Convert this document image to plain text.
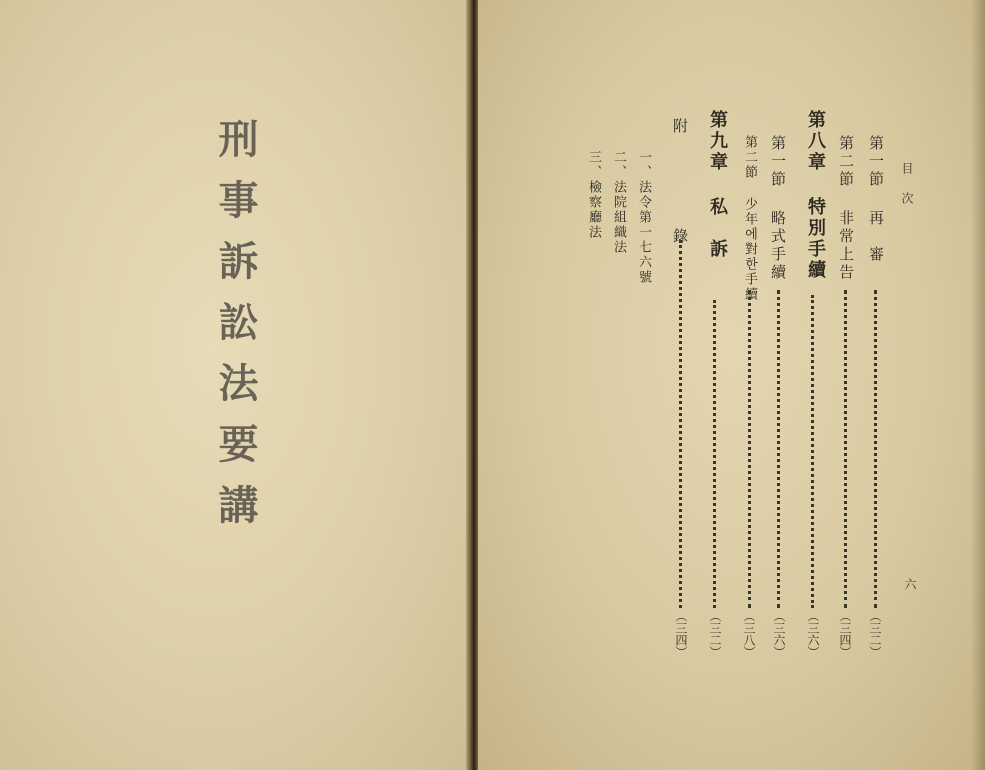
刑事訴訟法要講	目次
六
第一節 再　審
（三二）
第二節 非常上告
（三四）
第八章 特別手續
（三六）
第一節 略式手續
（三六）
第二節 少年에對한手續
（三八）
第九章 私　訴
（三二）
附　錄
（三四）
一、法令第一七六號
二、法院組織法
三、檢察廳法
